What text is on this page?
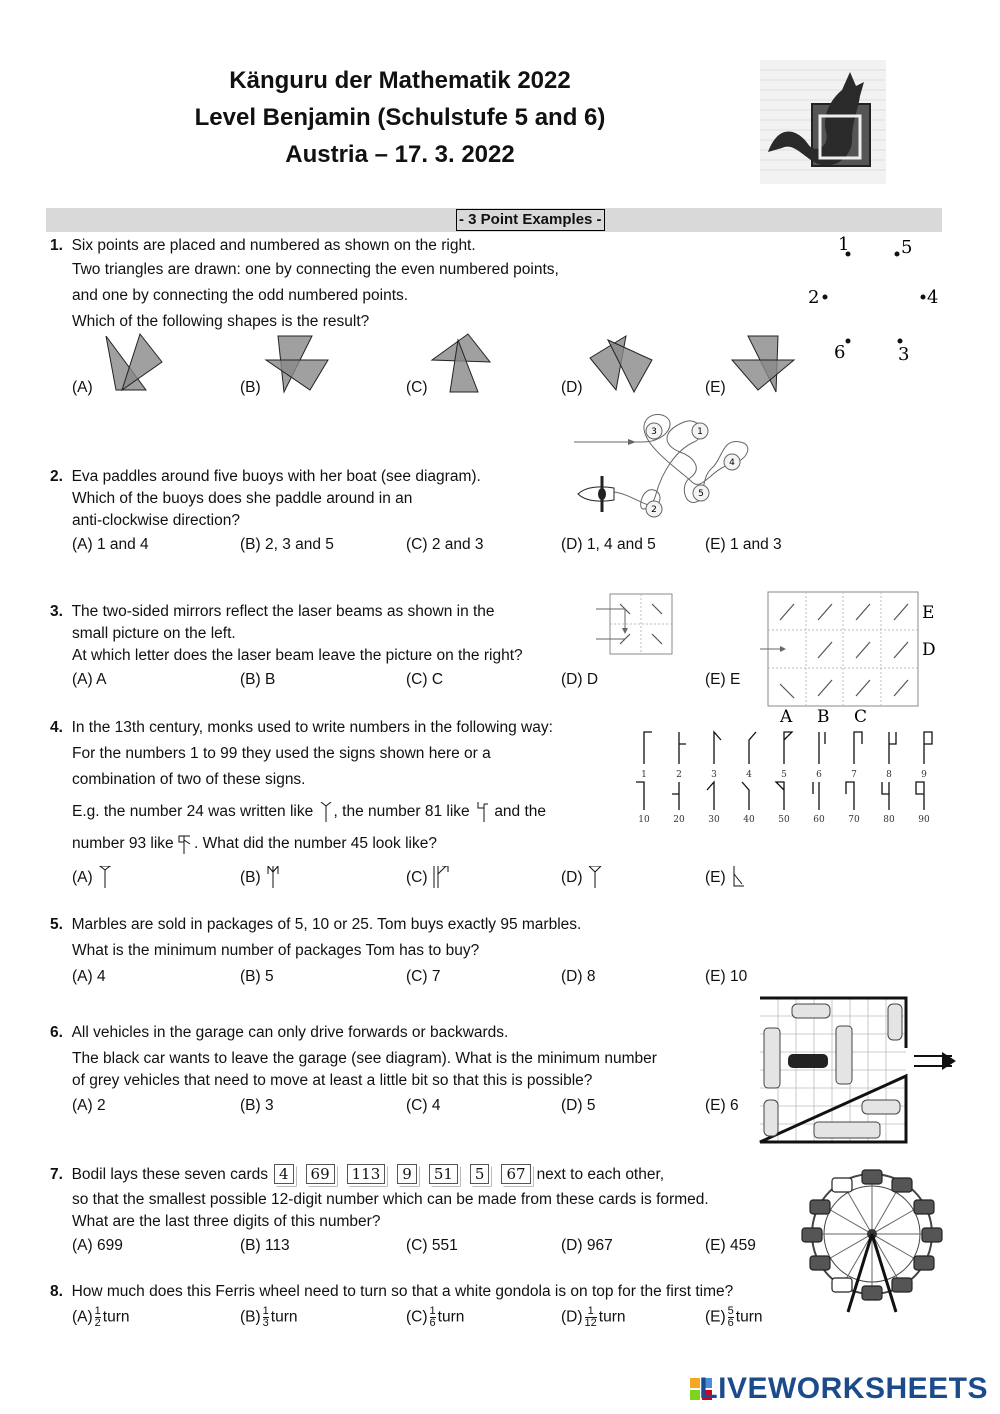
Känguru der Mathematik 2022
Level Benjamin (Schulstufe 5 and 6)
Austria – 17. 3. 2022
- 3 Point Examples -
1. Six points are placed and numbered as shown on the right.
Two triangles are drawn: one by connecting the even numbered points,
and one by connecting the odd numbered points.
Which of the following shapes is the result?
(A)	(B)	(C)	(D)	(E)
1	5
2	4
6	3
2. Eva paddles around five buoys with her boat (see diagram).
Which of the buoys does she paddle around in an
anti-clockwise direction?
(A) 1 and 4	(B) 2, 3 and 5	(C) 2 and 3	(D) 1, 4 and 5	(E) 1 and 3
3	1
4
5
2
3. The two-sided mirrors reflect the laser beams as shown in the
small picture on the left.
At which letter does the laser beam leave the picture on the right?
(A) A	(B) B	(C) C	(D) D	(E) E
E
D
A B C
4. In the 13th century, monks used to write numbers in the following way:
For the numbers 1 to 99 they used the signs shown here or a
combination of two of these signs.
E.g. the number 24 was written like , the number 81 like and the
number 93 like . What did the number 45 look like?
(A)	(B)	(C)	(D)	(E)
1	2	3	4	5	6	7	8	9
10	20	30	40	50	60	70	80	90
5. Marbles are sold in packages of 5, 10 or 25. Tom buys exactly 95 marbles.
What is the minimum number of packages Tom has to buy?
(A) 4	(B) 5	(C) 7	(D) 8	(E) 10
6. All vehicles in the garage can only drive forwards or backwards.
The black car wants to leave the garage (see diagram). What is the minimum number
of grey vehicles that need to move at least a little bit so that this is possible?
(A) 2	(B) 3	(C) 4	(D) 5	(E) 6
7. Bodil lays these seven cards 4 69 113 9 51 5 67 next to each other,
so that the smallest possible 12-digit number which can be made from these cards is formed.
What are the last three digits of this number?
(A) 699	(B) 113	(C) 551	(D) 967	(E) 459
8. How much does this Ferris wheel need to turn so that a white gondola is on top for the first time?
$(A) \frac{1}{2}$ turn	$(B) \frac{1}{3}$ turn	$(C) \frac{1}{6}$ turn	$(D) \frac{1}{12}$ turn	$(E) \frac{5}{6}$ turn
LIVEWORKSHEETS
